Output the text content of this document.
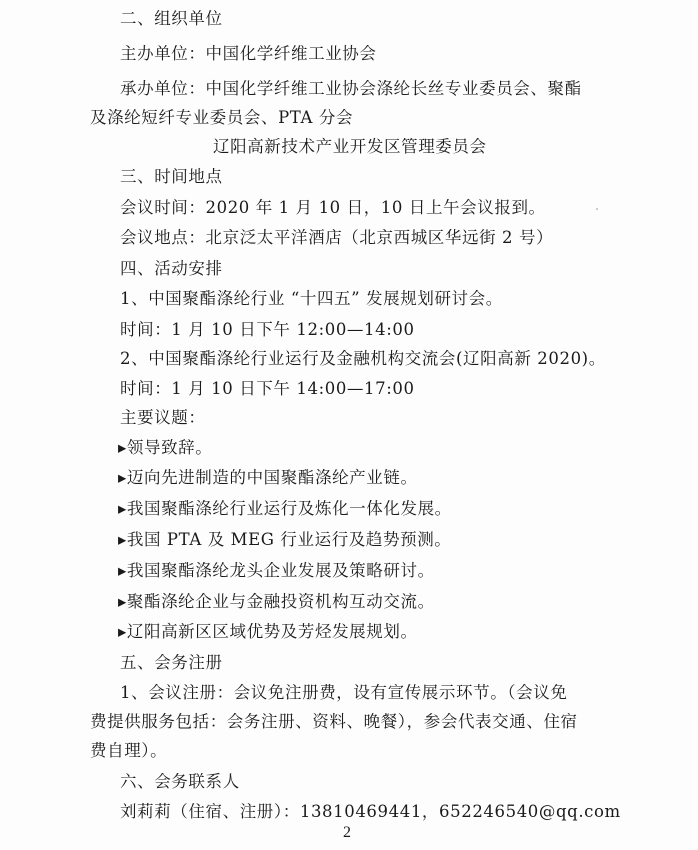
二、组织单位
主办单位：中国化学纤维工业协会
承办单位：中国化学纤维工业协会涤纶长丝专业委员会、聚酯
及涤纶短纤专业委员会、PTA 分会
辽阳高新技术产业开发区管理委员会
三、时间地点
会议时间：2020 年 1 月 10 日，10 日上午会议报到。
会议地点：北京泛太平洋酒店（北京西城区华远街 2 号）
四、活动安排
1、中国聚酯涤纶行业 “十四五” 发展规划研讨会。
时间：1 月 10 日下午 12:00—14:00
2、中国聚酯涤纶行业运行及金融机构交流会(辽阳高新 2020)。
时间：1 月 10 日下午 14:00—17:00
主要议题：
▸领导致辞。
▸迈向先进制造的中国聚酯涤纶产业链。
▸我国聚酯涤纶行业运行及炼化一体化发展。
▸我国 PTA 及 MEG 行业运行及趋势预测。
▸我国聚酯涤纶龙头企业发展及策略研讨。
▸聚酯涤纶企业与金融投资机构互动交流。
▸辽阳高新区区域优势及芳烃发展规划。
五、会务注册
1、会议注册：会议免注册费，设有宣传展示环节。（会议免
费提供服务包括：会务注册、资料、晚餐），参会代表交通、住宿
费自理）。
六、会务联系人
刘莉莉（住宿、注册）：13810469441，652246540@qq.com
2
